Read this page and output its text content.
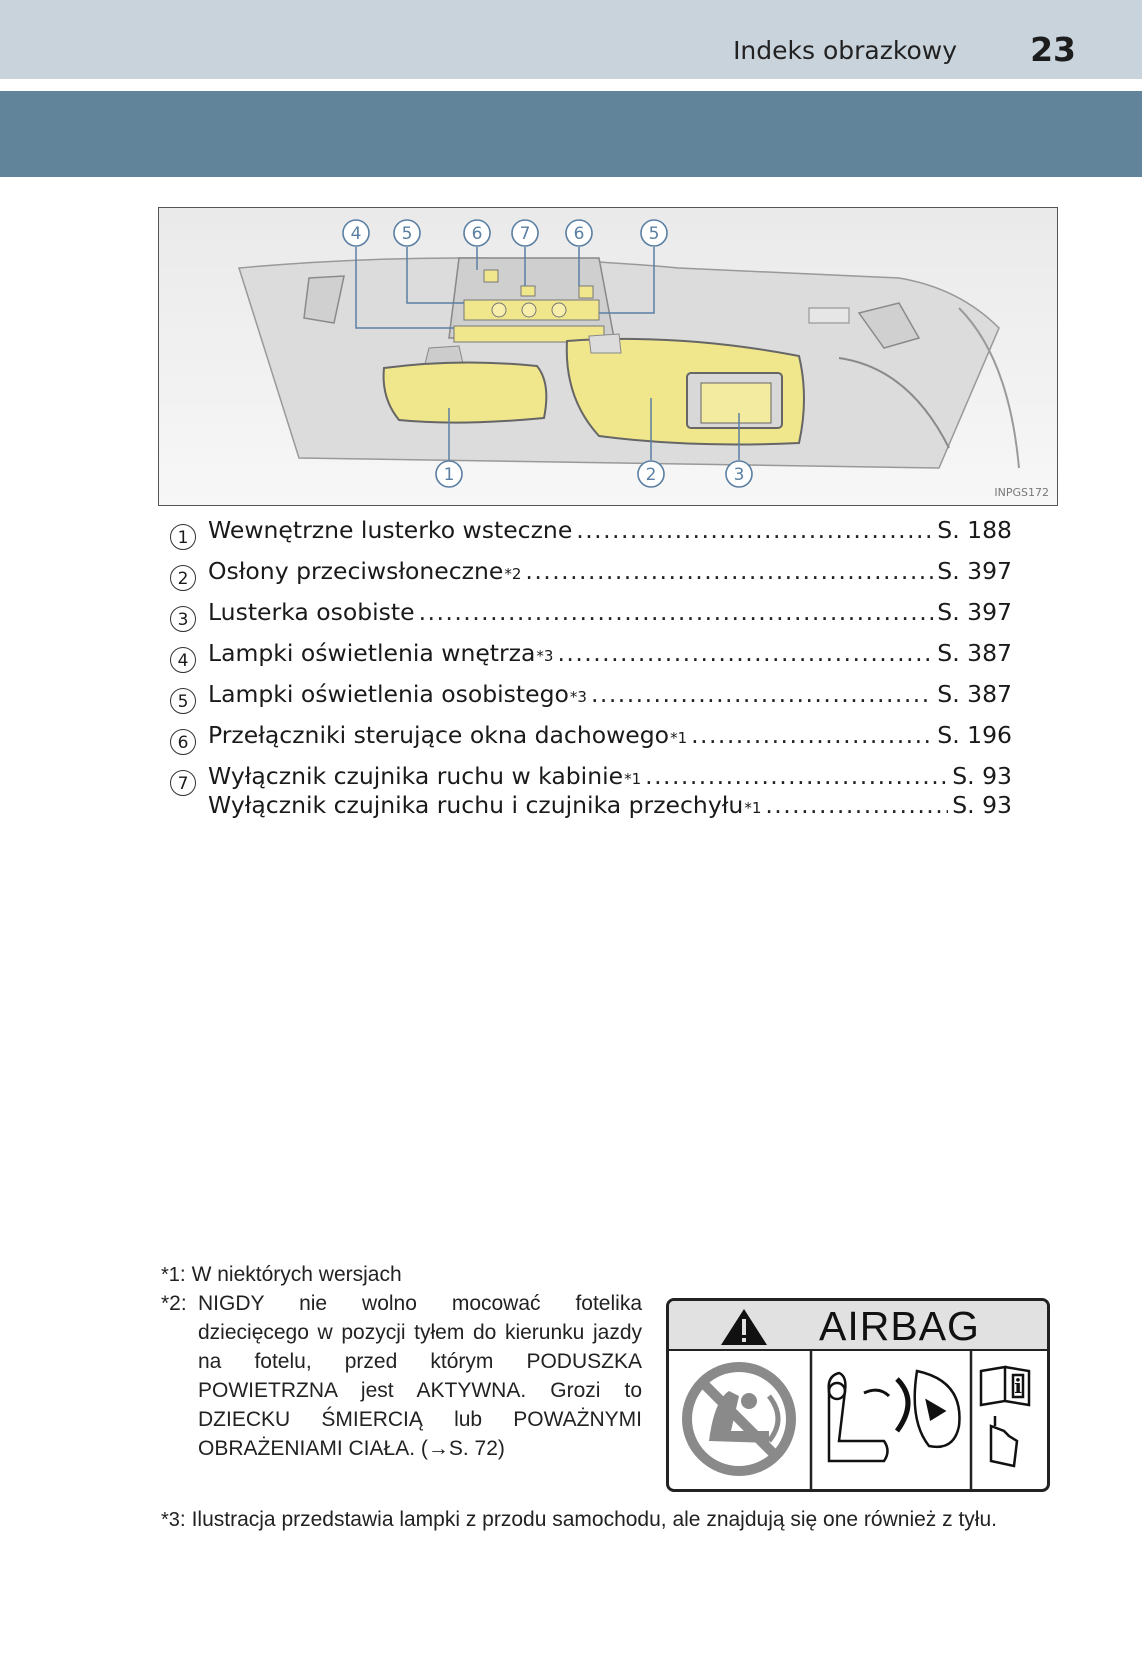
Indeks obrazkowy 23
4 5	6 7	6	5
1	2	3
INPGS172
1 Wewnętrzne lusterko wsteczne . . .	S. 188
2 Osłony przeciwsłoneczne *2 . . .	S. 397
3 Lusterka osobiste . . .	S. 397
4 Lampki oświetlenia wnętrza *3 . . .	S. 387
5 Lampki oświetlenia osobistego *3 . . .	S. 387
6 Przełączniki sterujące okna dachowego *1 . . .	S. 196
7 Wyłącznik czujnika ruchu w kabinie *1 . . .	S. 93
Wyłącznik czujnika ruchu i czujnika przechyłu *1 . . .	S. 93
*1: W niektórych wersjach
*2: NIGDY nie wolno mocować fotelika dziecięcego w pozycji tyłem do kierunku jazdy na fotelu, przed którym PODUSZKA POWIETRZNA jest AKTYWNA. Grozi to DZIECKU ŚMIERCIĄ lub POWAŻNYMI OBRAŻENIAMI CIAŁA. (→S. 72)
i
AIRBAG
*3: Ilustracja przedstawia lampki z przodu samochodu, ale znajdują się one również z tyłu.
